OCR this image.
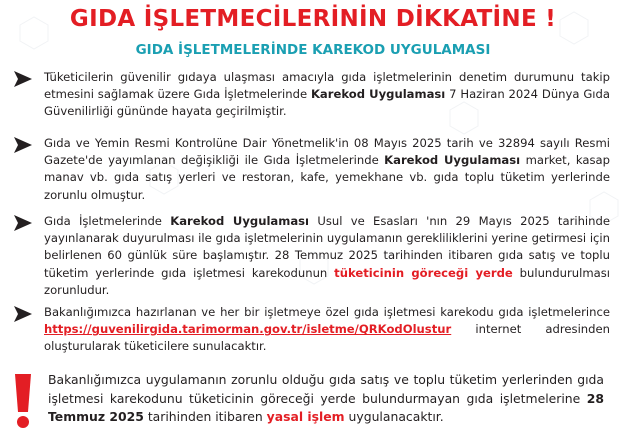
GIDA İŞLETMECİLERİNİN DİKKATİNE !
GIDA İŞLETMELERİNDE KAREKOD UYGULAMASI

Tüketicilerin güvenilir gıdaya ulaşması amacıyla gıda işletmelerinin denetim durumunu takip etmesini sağlamak üzere Gıda İşletmelerinde Karekod Uygulaması 7 Haziran 2024 Dünya Gıda Güvenilirliği gününde hayata geçirilmiştir.

Gıda ve Yemin Resmi Kontrolüne Dair Yönetmelik'in 08 Mayıs 2025 tarih ve 32894 sayılı Resmi Gazete'de yayımlanan değişikliği ile Gıda İşletmelerinde Karekod Uygulaması market, kasap manav vb. gıda satış yerleri ve restoran, kafe, yemekhane vb. gıda toplu tüketim yerlerinde zorunlu olmuştur.

Gıda İşletmelerinde Karekod Uygulaması Usul ve Esasları 'nın 29 Mayıs 2025 tarihinde yayınlanarak duyurulması ile gıda işletmelerinin uygulamanın gerekliliklerini yerine getirmesi için belirlenen 60 günlük süre başlamıştır. 28 Temmuz 2025 tarihinden itibaren gıda satış ve toplu tüketim yerlerinde gıda işletmesi karekodunun tüketicinin göreceği yerde bulundurulması zorunludur.

Bakanlığımızca hazırlanan ve her bir işletmeye özel gıda işletmesi karekodu gıda işletmelerince https://guvenilirgida.tarimorman.gov.tr/isletme/QRKodOlustur internet adresinden oluşturularak tüketicilere sunulacaktır.

Bakanlığımızca uygulamanın zorunlu olduğu gıda satış ve toplu tüketim yerlerinden gıda işletmesi karekodunu tüketicinin göreceği yerde bulundurmayan gıda işletmelerine 28 Temmuz 2025 tarihinden itibaren yasal işlem uygulanacaktır.
